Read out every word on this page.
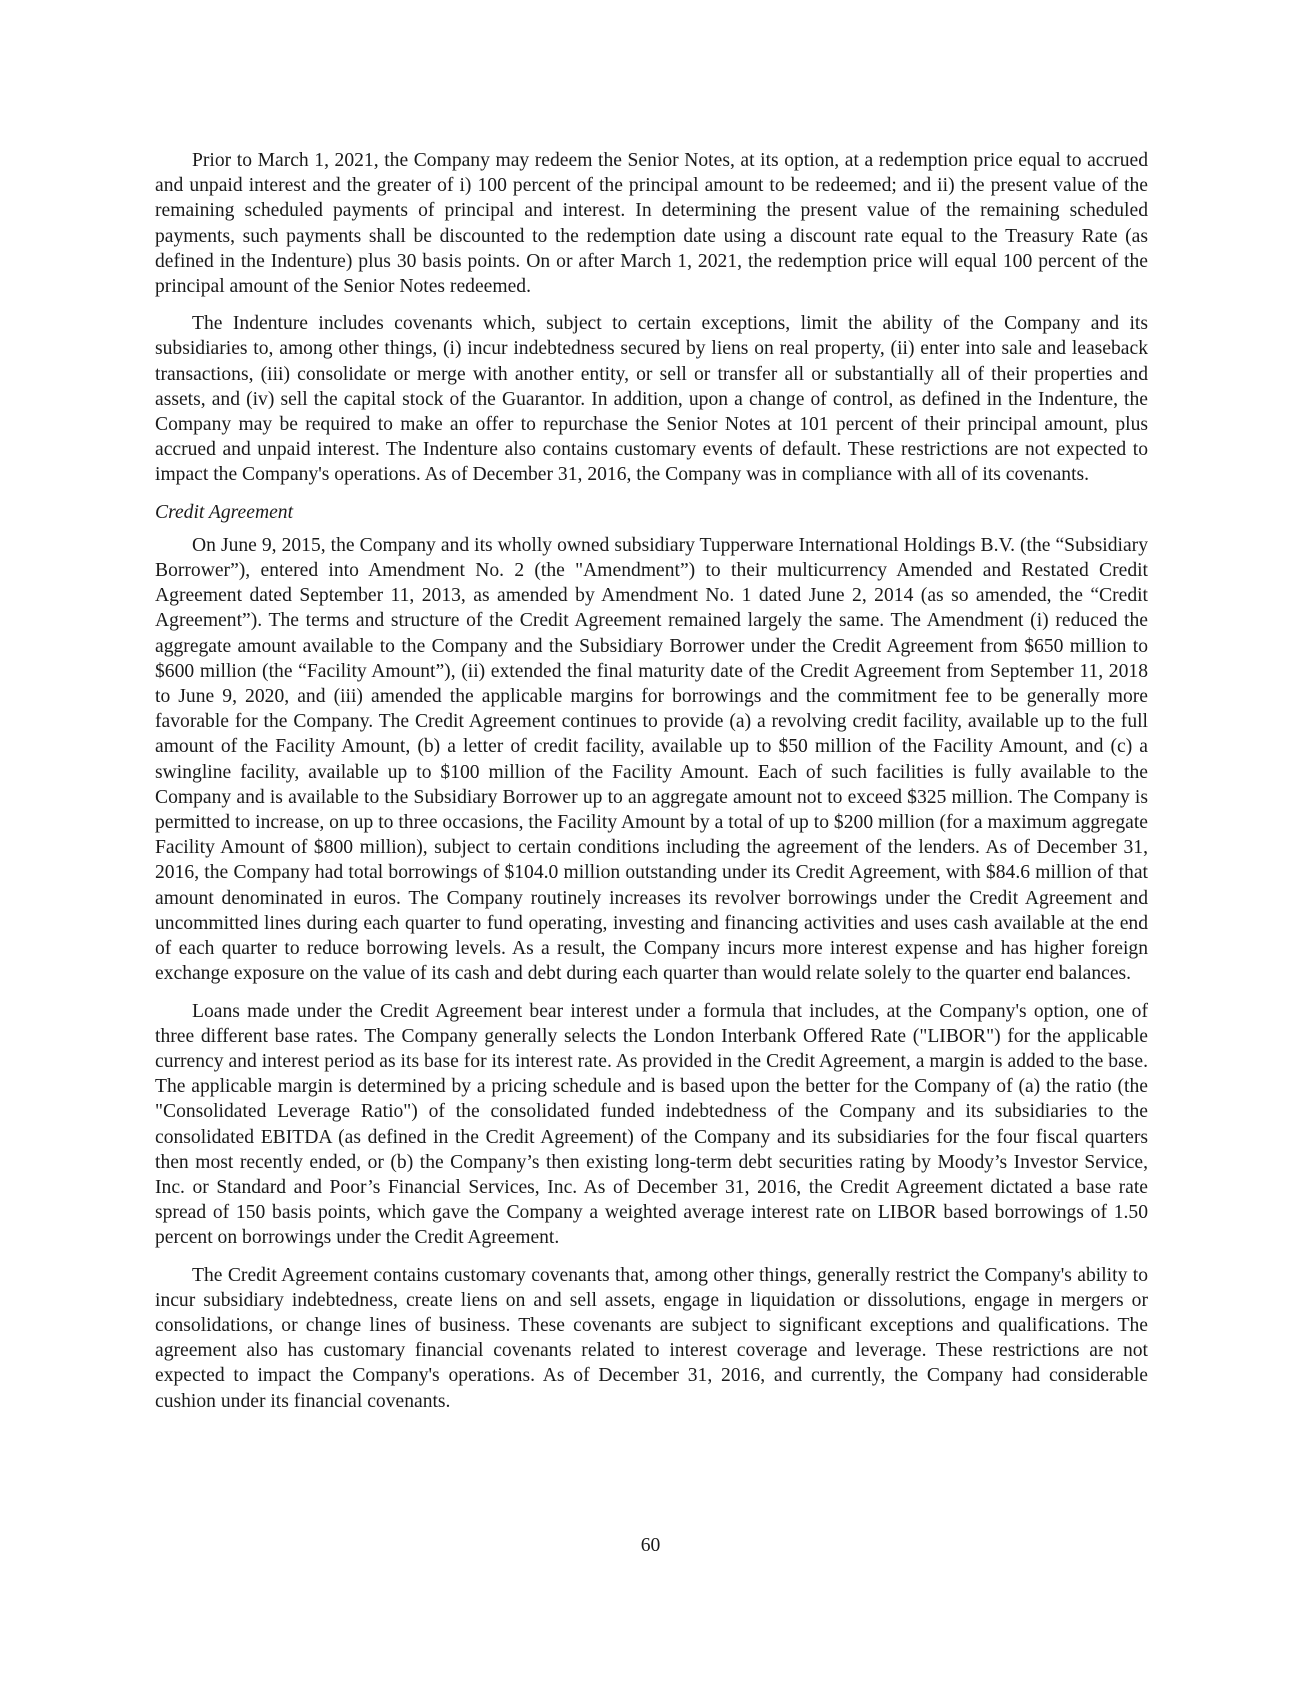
Prior to March 1, 2021, the Company may redeem the Senior Notes, at its option, at a redemption price equal to accrued and unpaid interest and the greater of i) 100 percent of the principal amount to be redeemed; and ii) the present value of the remaining scheduled payments of principal and interest. In determining the present value of the remaining scheduled payments, such payments shall be discounted to the redemption date using a discount rate equal to the Treasury Rate (as defined in the Indenture) plus 30 basis points. On or after March 1, 2021, the redemption price will equal 100 percent of the principal amount of the Senior Notes redeemed.

The Indenture includes covenants which, subject to certain exceptions, limit the ability of the Company and its subsidiaries to, among other things, (i) incur indebtedness secured by liens on real property, (ii) enter into sale and leaseback transactions, (iii) consolidate or merge with another entity, or sell or transfer all or substantially all of their properties and assets, and (iv) sell the capital stock of the Guarantor. In addition, upon a change of control, as defined in the Indenture, the Company may be required to make an offer to repurchase the Senior Notes at 101 percent of their principal amount, plus accrued and unpaid interest. The Indenture also contains customary events of default. These restrictions are not expected to impact the Company's operations. As of December 31, 2016, the Company was in compliance with all of its covenants.

Credit Agreement

On June 9, 2015, the Company and its wholly owned subsidiary Tupperware International Holdings B.V. (the “Subsidiary Borrower”), entered into Amendment No. 2 (the "Amendment”) to their multicurrency Amended and Restated Credit Agreement dated September 11, 2013, as amended by Amendment No. 1 dated June 2, 2014 (as so amended, the “Credit Agreement”). The terms and structure of the Credit Agreement remained largely the same. The Amendment (i) reduced the aggregate amount available to the Company and the Subsidiary Borrower under the Credit Agreement from $650 million to $600 million (the “Facility Amount”), (ii) extended the final maturity date of the Credit Agreement from September 11, 2018 to June 9, 2020, and (iii) amended the applicable margins for borrowings and the commitment fee to be generally more favorable for the Company. The Credit Agreement continues to provide (a) a revolving credit facility, available up to the full amount of the Facility Amount, (b) a letter of credit facility, available up to $50 million of the Facility Amount, and (c) a swingline facility, available up to $100 million of the Facility Amount. Each of such facilities is fully available to the Company and is available to the Subsidiary Borrower up to an aggregate amount not to exceed $325 million. The Company is permitted to increase, on up to three occasions, the Facility Amount by a total of up to $200 million (for a maximum aggregate Facility Amount of $800 million), subject to certain conditions including the agreement of the lenders. As of December 31, 2016, the Company had total borrowings of $104.0 million outstanding under its Credit Agreement, with $84.6 million of that amount denominated in euros. The Company routinely increases its revolver borrowings under the Credit Agreement and uncommitted lines during each quarter to fund operating, investing and financing activities and uses cash available at the end of each quarter to reduce borrowing levels. As a result, the Company incurs more interest expense and has higher foreign exchange exposure on the value of its cash and debt during each quarter than would relate solely to the quarter end balances.

Loans made under the Credit Agreement bear interest under a formula that includes, at the Company's option, one of three different base rates. The Company generally selects the London Interbank Offered Rate ("LIBOR") for the applicable currency and interest period as its base for its interest rate. As provided in the Credit Agreement, a margin is added to the base. The applicable margin is determined by a pricing schedule and is based upon the better for the Company of (a) the ratio (the "Consolidated Leverage Ratio") of the consolidated funded indebtedness of the Company and its subsidiaries to the consolidated EBITDA (as defined in the Credit Agreement) of the Company and its subsidiaries for the four fiscal quarters then most recently ended, or (b) the Company’s then existing long-term debt securities rating by Moody’s Investor Service, Inc. or Standard and Poor’s Financial Services, Inc. As of December 31, 2016, the Credit Agreement dictated a base rate spread of 150 basis points, which gave the Company a weighted average interest rate on LIBOR based borrowings of 1.50 percent on borrowings under the Credit Agreement.

The Credit Agreement contains customary covenants that, among other things, generally restrict the Company's ability to incur subsidiary indebtedness, create liens on and sell assets, engage in liquidation or dissolutions, engage in mergers or consolidations, or change lines of business. These covenants are subject to significant exceptions and qualifications. The agreement also has customary financial covenants related to interest coverage and leverage. These restrictions are not expected to impact the Company's operations. As of December 31, 2016, and currently, the Company had considerable cushion under its financial covenants.

60
